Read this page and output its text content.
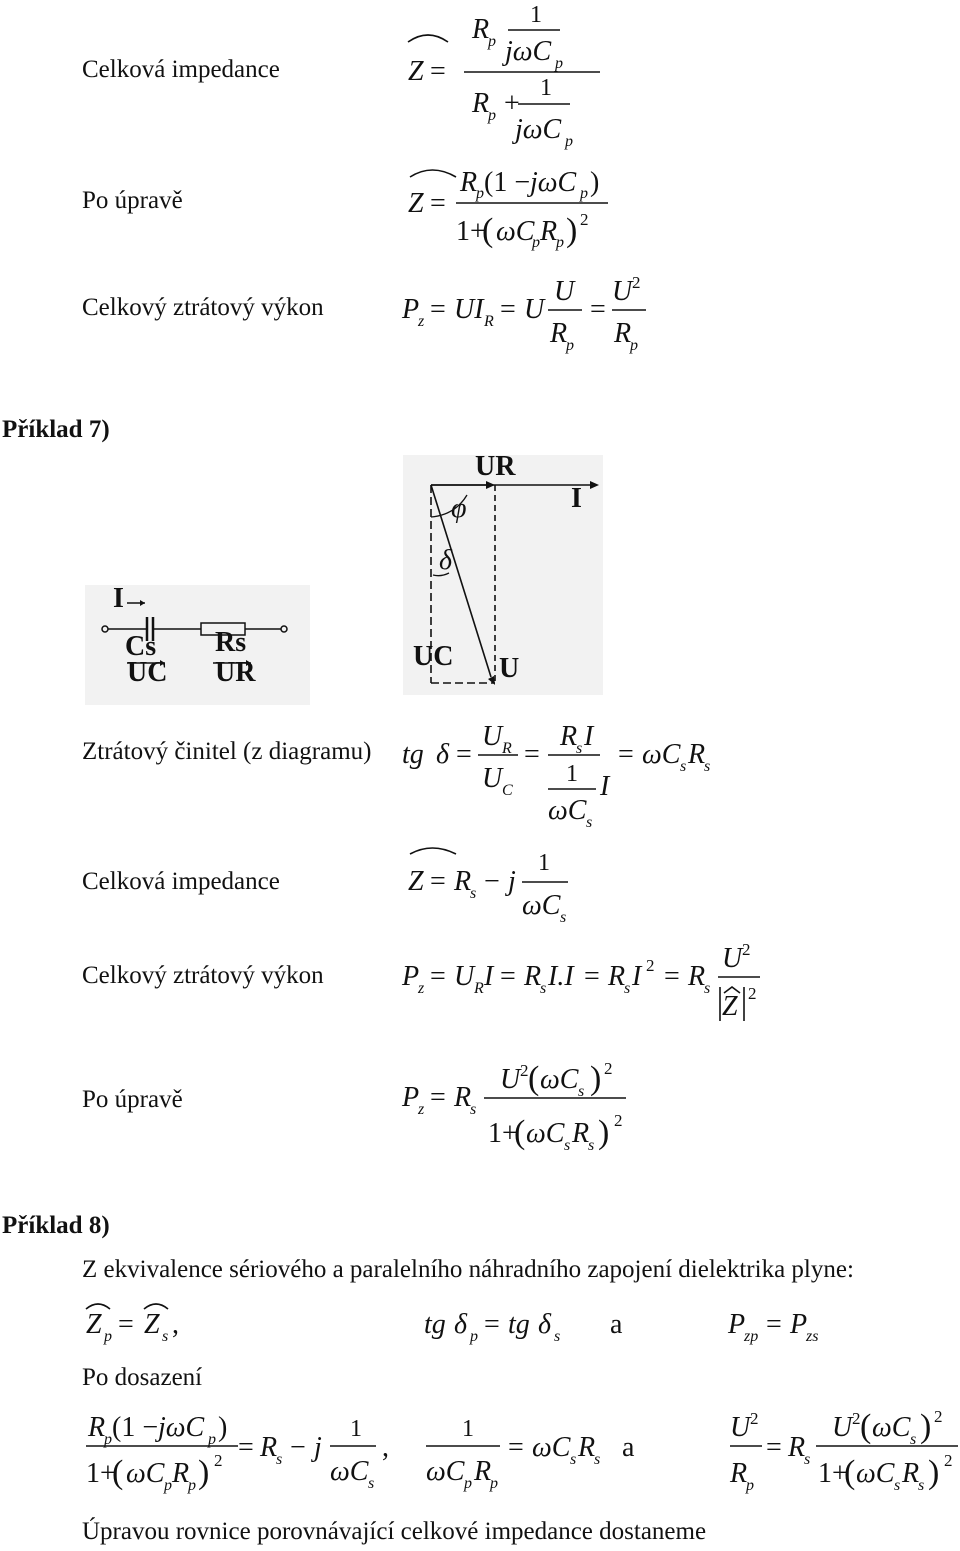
Celková impedance	Z =
R
p
1
jωC p
R
p + 1
jωC p
Po úpravě	Z =
R
p (1 − jωC p )
1+
( ωC
p R
p ) 2
Celkový ztrátový výkon	P
z = UI R = U
U
R
p
=
U 2
R
p
Příklad 7)
I
Cs Rs
UC UR
UR
I
φ
δ
UC U
Ztrátový činitel (z diagramu) tg δ =
U R
U C
=
R
s I
1
ωC s
I
= ωC s R
s
Celková impedance	Z = R
s − j
1
ωC s
Celkový ztrátový výkon	P
z = U R I = R
s I.I = R
s I 2 = R
s
U 2
Z 2
Po úpravě	P
z = R
s
U 2 ( ωC s ) 2
1+
( ωC s R
s ) 2
Příklad 8)
Z ekvivalence sériového a paralelního náhradního zapojení dielektrika plyne:
Z p = Z s ,	tg δ p = tg δ s a	P
zp = P
zs
Po dosazení
R
p (1 − jωC p )
1+
( ωC p R
p ) 2 = R
s − j
1
ωC s
,
1
ωC p R
p
= ωC s R
s a
U 2
R
p
= R
s
U 2 ( ωC s ) 2
1+
( ωC s R
s ) 2
Úpravou rovnice porovnávající celkové impedance dostaneme
